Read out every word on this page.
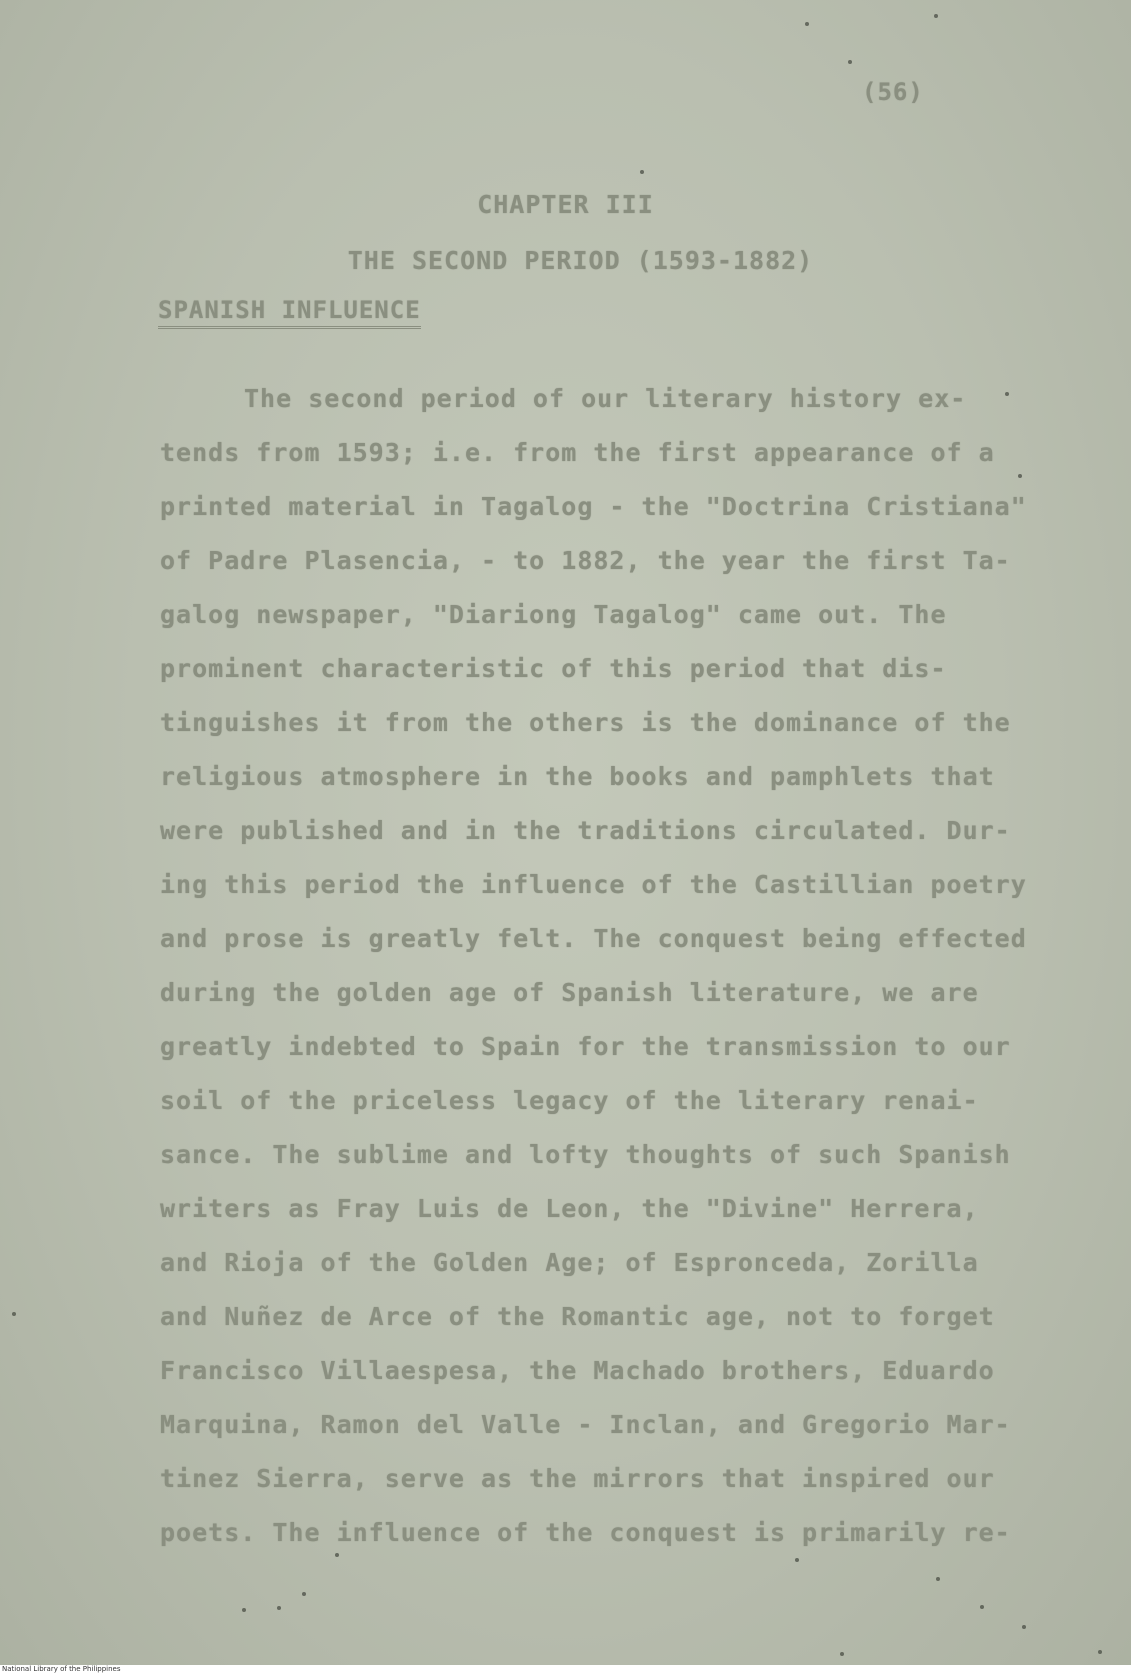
(56)
CHAPTER III
THE SECOND PERIOD (1593-1882)
SPANISH INFLUENCE
The second period of our literary history ex-
tends from 1593; i.e. from the first appearance of a
printed material in Tagalog - the "Doctrina Cristiana"
of Padre Plasencia, - to 1882, the year the first Ta-
galog newspaper, "Diariong Tagalog" came out. The
prominent characteristic of this period that dis-
tinguishes it from the others is the dominance of the
religious atmosphere in the books and pamphlets that
were published and in the traditions circulated. Dur-
ing this period the influence of the Castillian poetry
and prose is greatly felt. The conquest being effected
during the golden age of Spanish literature, we are
greatly indebted to Spain for the transmission to our
soil of the priceless legacy of the literary renai-
sance. The sublime and lofty thoughts of such Spanish
writers as Fray Luis de Leon, the "Divine" Herrera,
and Rioja of the Golden Age; of Espronceda, Zorilla
and Nuñez de Arce of the Romantic age, not to forget
Francisco Villaespesa, the Machado brothers, Eduardo
Marquina, Ramon del Valle - Inclan, and Gregorio Mar-
tinez Sierra, serve as the mirrors that inspired our
poets. The influence of the conquest is primarily re-
National Library of the Philippines
